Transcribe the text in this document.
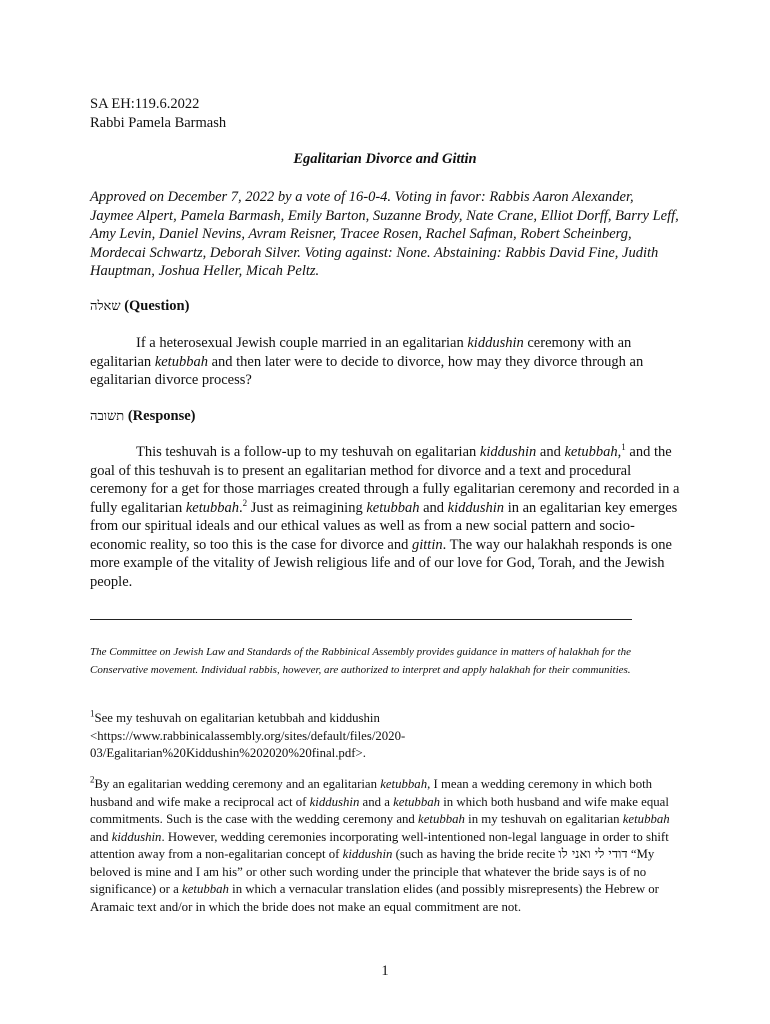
SA EH:119.6.2022
Rabbi Pamela Barmash
Egalitarian Divorce and Gittin
Approved on December 7, 2022 by a vote of 16-0-4. Voting in favor: Rabbis Aaron Alexander, Jaymee Alpert, Pamela Barmash, Emily Barton, Suzanne Brody, Nate Crane, Elliot Dorff, Barry Leff, Amy Levin, Daniel Nevins, Avram Reisner, Tracee Rosen, Rachel Safman, Robert Scheinberg, Mordecai Schwartz, Deborah Silver. Voting against: None. Abstaining: Rabbis David Fine, Judith Hauptman, Joshua Heller, Micah Peltz.
שאלה (Question)
If a heterosexual Jewish couple married in an egalitarian kiddushin ceremony with an egalitarian ketubbah and then later were to decide to divorce, how may they divorce through an egalitarian divorce process?
תשובה (Response)
This teshuvah is a follow-up to my teshuvah on egalitarian kiddushin and ketubbah,$^1$ and the goal of this teshuvah is to present an egalitarian method for divorce and a text and procedural ceremony for a get for those marriages created through a fully egalitarian ceremony and recorded in a fully egalitarian ketubbah.$^2$ Just as reimagining ketubbah and kiddushin in an egalitarian key emerges from our spiritual ideals and our ethical values as well as from a new social pattern and socio-economic reality, so too this is the case for divorce and gittin. The way our halakhah responds is one more example of the vitality of Jewish religious life and of our love for God, Torah, and the Jewish people.
The Committee on Jewish Law and Standards of the Rabbinical Assembly provides guidance in matters of halakhah for the Conservative movement. Individual rabbis, however, are authorized to interpret and apply halakhah for their communities.
$^1$See my teshuvah on egalitarian ketubbah and kiddushin <https://www.rabbinicalassembly.org/sites/default/files/2020-03/Egalitarian%20Kiddushin%202020%20final.pdf>.
$^2$By an egalitarian wedding ceremony and an egalitarian ketubbah, I mean a wedding ceremony in which both husband and wife make a reciprocal act of kiddushin and a ketubbah in which both husband and wife make equal commitments. Such is the case with the wedding ceremony and ketubbah in my teshuvah on egalitarian ketubbah and kiddushin. However, wedding ceremonies incorporating well-intentioned non-legal language in order to shift attention away from a non-egalitarian concept of kiddushin (such as having the bride recite דודי לי ואני לו “My beloved is mine and I am his” or other such wording under the principle that whatever the bride says is of no significance) or a ketubbah in which a vernacular translation elides (and possibly misrepresents) the Hebrew or Aramaic text and/or in which the bride does not make an equal commitment are not.
1
